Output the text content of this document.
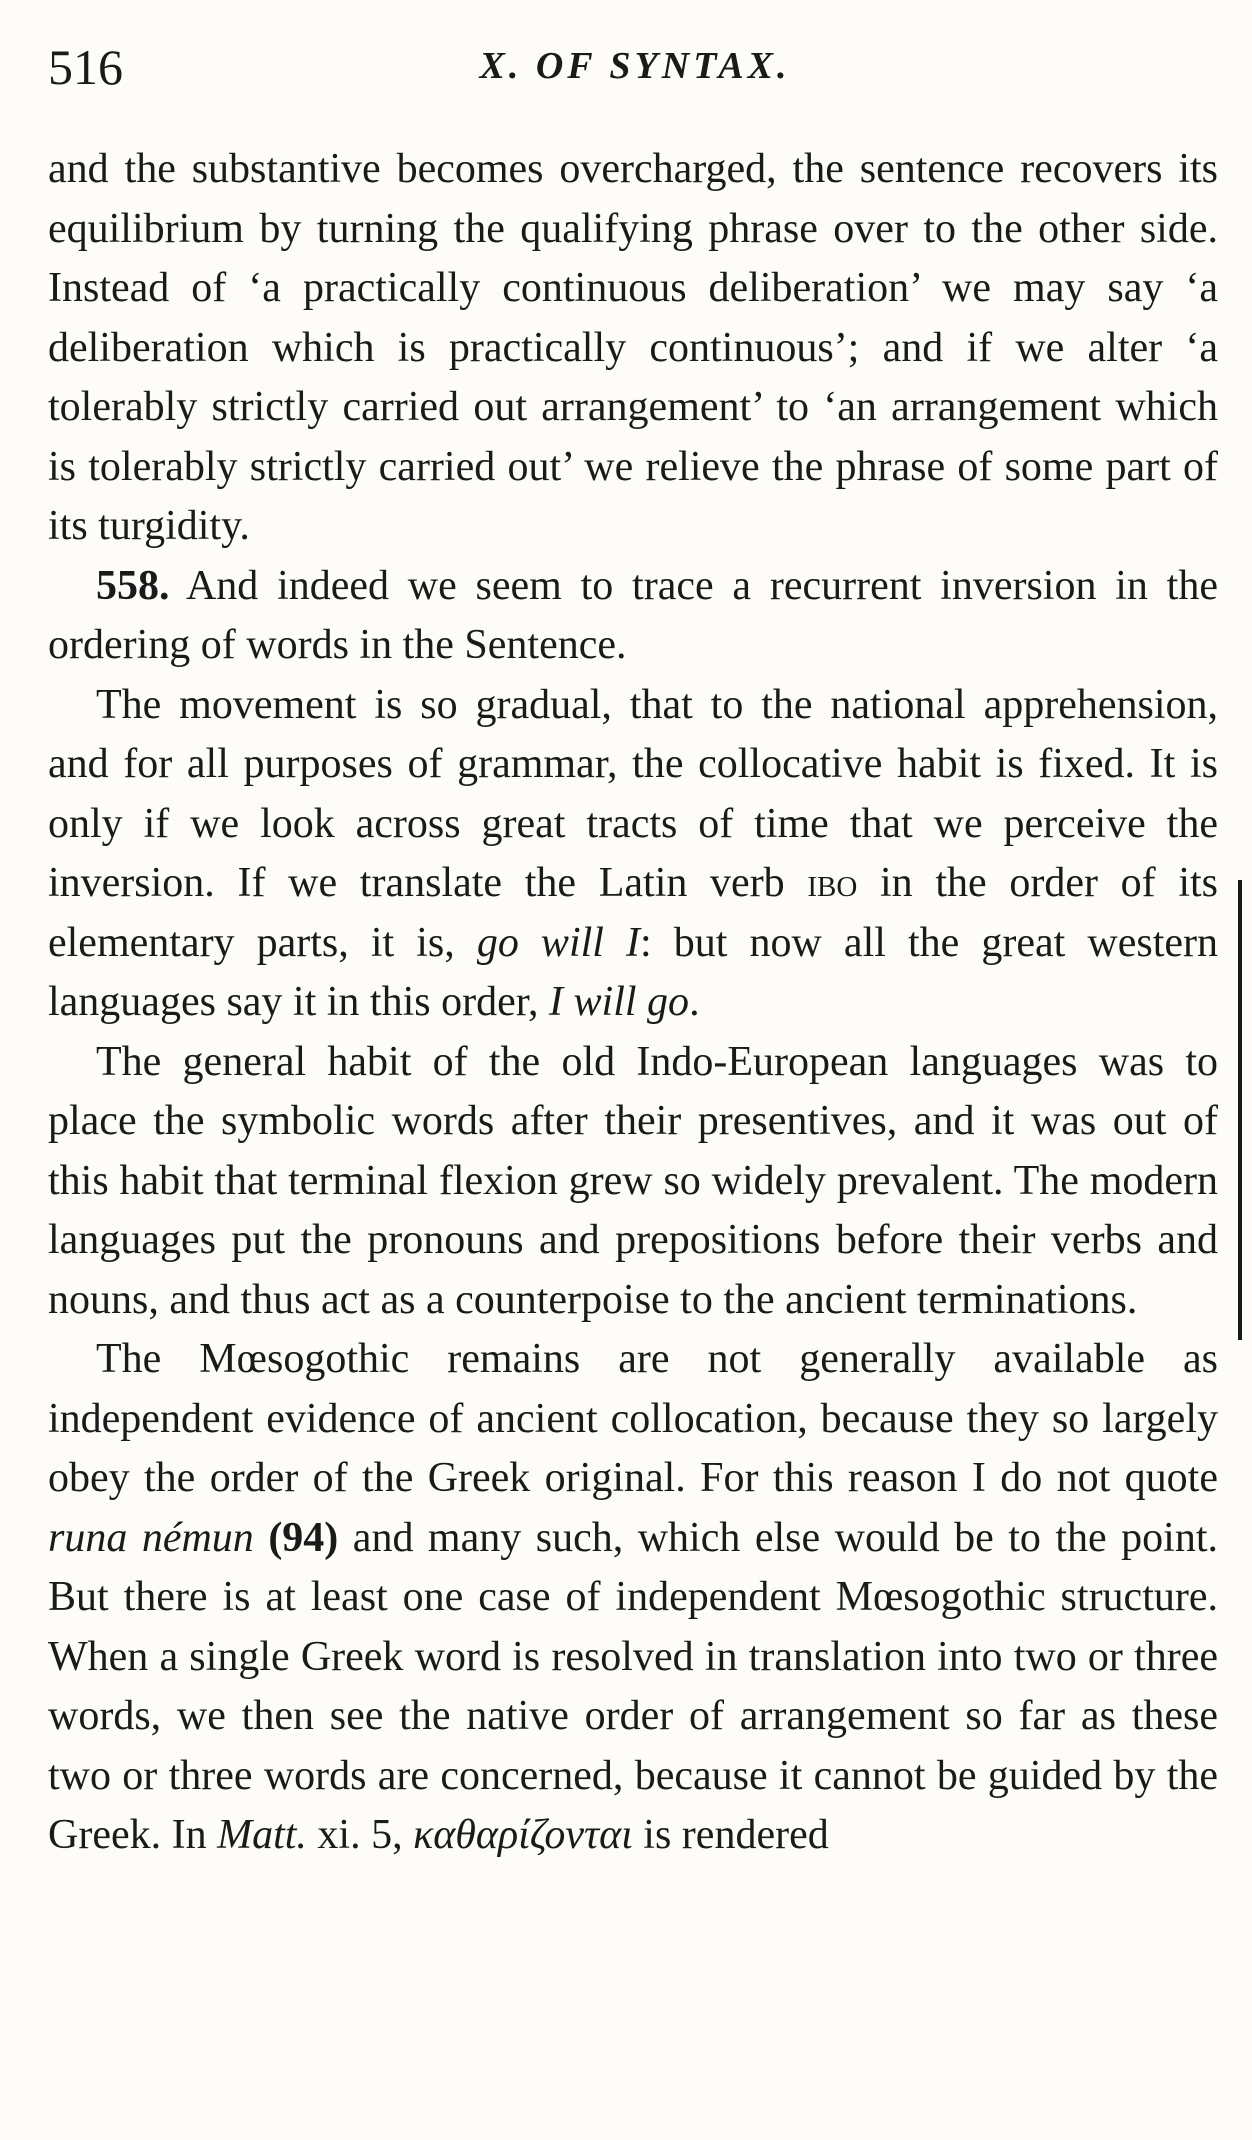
516	X. OF SYNTAX.

and the substantive becomes overcharged, the sentence recovers its equilibrium by turning the qualifying phrase over to the other side. Instead of ‘a practically continuous deliberation’ we may say ‘a deliberation which is practically continuous’; and if we alter ‘a tolerably strictly carried out arrangement’ to ‘an arrangement which is tolerably strictly carried out’ we relieve the phrase of some part of its turgidity.

558. And indeed we seem to trace a recurrent inversion in the ordering of words in the Sentence.

The movement is so gradual, that to the national apprehension, and for all purposes of grammar, the collocative habit is fixed. It is only if we look across great tracts of time that we perceive the inversion. If we translate the Latin verb ibo in the order of its elementary parts, it is, go will I: but now all the great western languages say it in this order, I will go.

The general habit of the old Indo-European languages was to place the symbolic words after their presentives, and it was out of this habit that terminal flexion grew so widely prevalent. The modern languages put the pronouns and prepositions before their verbs and nouns, and thus act as a counterpoise to the ancient terminations.

The Mœsogothic remains are not generally available as independent evidence of ancient collocation, because they so largely obey the order of the Greek original. For this reason I do not quote runa némun (94) and many such, which else would be to the point. But there is at least one case of independent Mœsogothic structure. When a single Greek word is resolved in translation into two or three words, we then see the native order of arrangement so far as these two or three words are concerned, because it cannot be guided by the Greek. In Matt. xi. 5, καθαρίζονται is rendered
